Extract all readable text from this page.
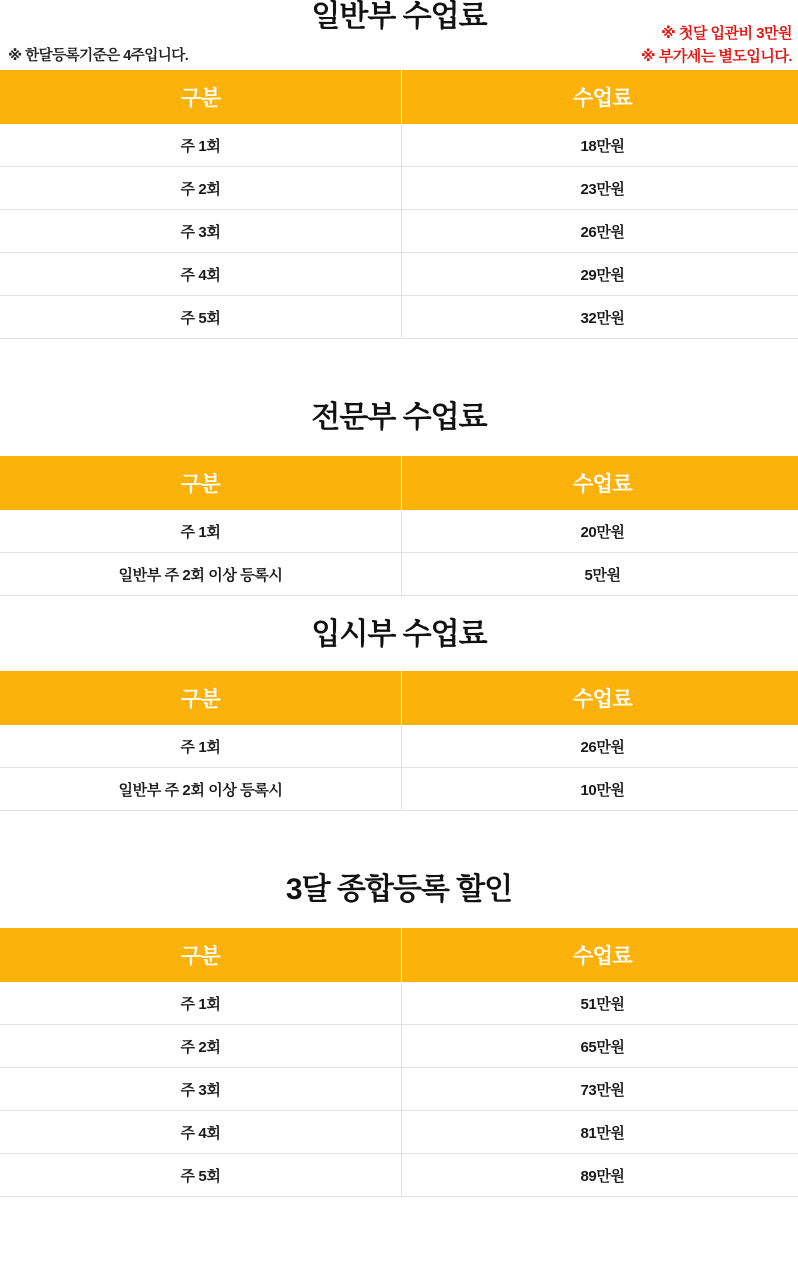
일반부 수업료
※ 한달등록기준은 4주입니다.
※ 첫달 입관비 3만원
※ 부가세는 별도입니다.
구분	수업료
주 1회	18만원
주 2회	23만원
주 3회	26만원
주 4회	29만원
주 5회	32만원
전문부 수업료
구분	수업료
주 1회	20만원
일반부 주 2회 이상 등록시	5만원
입시부 수업료
구분	수업료
주 1회	26만원
일반부 주 2회 이상 등록시	10만원
3달 종합등록 할인
구분	수업료
주 1회	51만원
주 2회	65만원
주 3회	73만원
주 4회	81만원
주 5회	89만원
